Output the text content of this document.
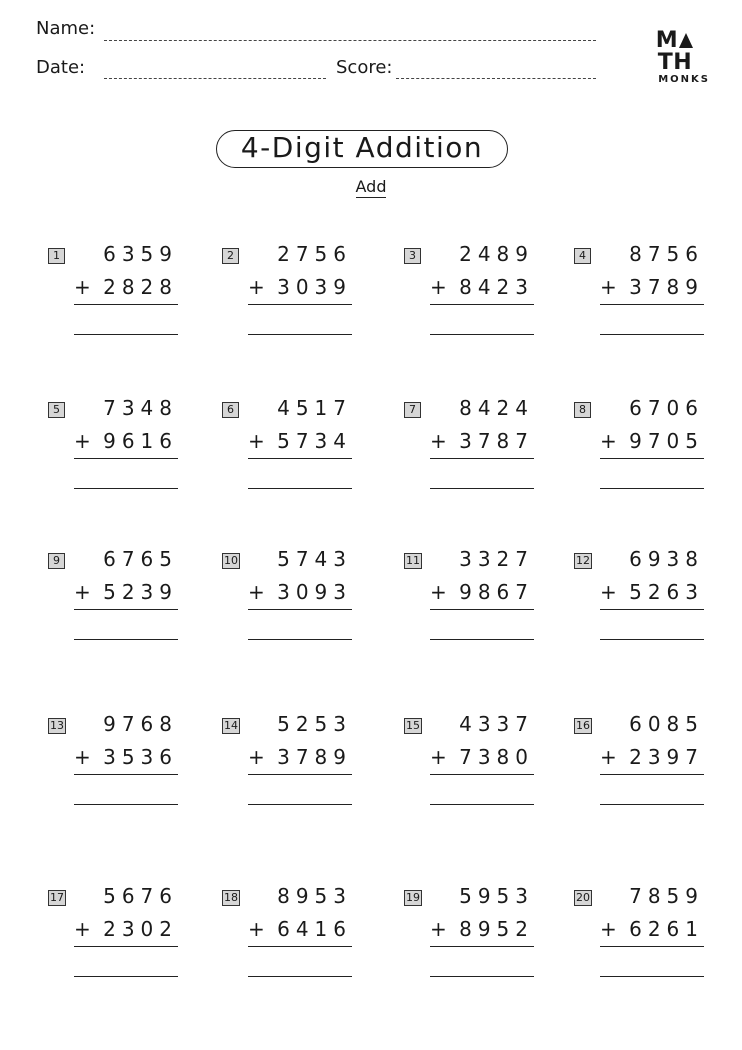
Name:
Date:	Score:
MTH
MONKS
4-Digit Addition
Add
1 6359
+ 2828
2 2756
+ 3039
3 2489
+ 8423
4 8756
+ 3789
5 7348
+ 9616
6 4517
+ 5734
7 8424
+ 3787
8 6706
+ 9705
9 6765
+ 5239
10 5743
+ 3093
11 3327
+ 9867
12 6938
+ 5263
13 9768
+ 3536
14 5253
+ 3789
15 4337
+ 7380
16 6085
+ 2397
17 5676
+ 2302
18 8953
+ 6416
19 5953
+ 8952
20 7859
+ 6261
